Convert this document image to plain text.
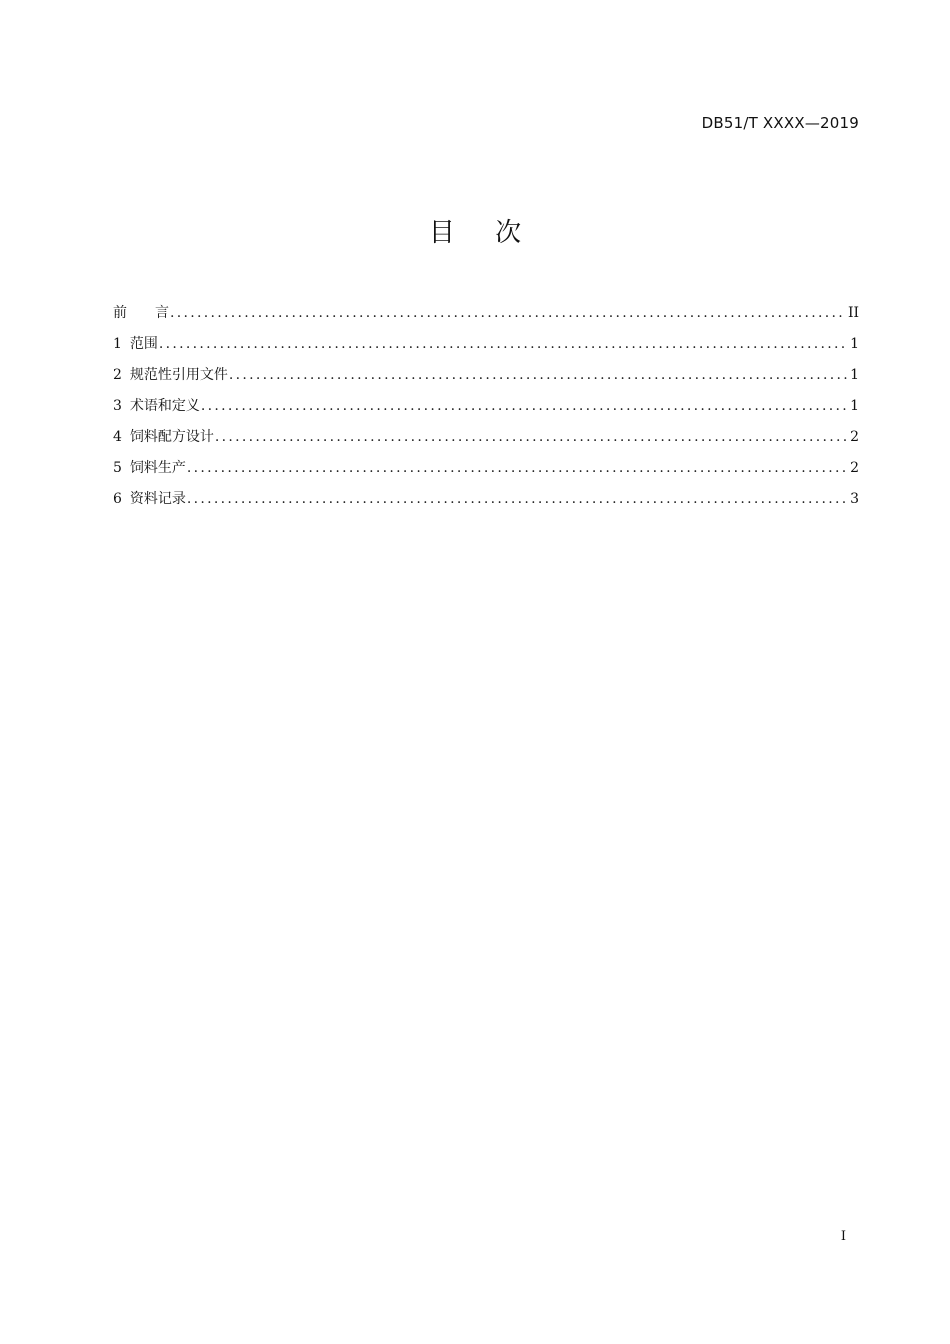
DB51/T XXXX—2019
目 次
前　　言 .....	II
1 范围 .....	1
2 规范性引用文件 .....	1
3 术语和定义 .....	1
4 饲料配方设计 .....	2
5 饲料生产 .....	2
6 资料记录 .....	3
I
